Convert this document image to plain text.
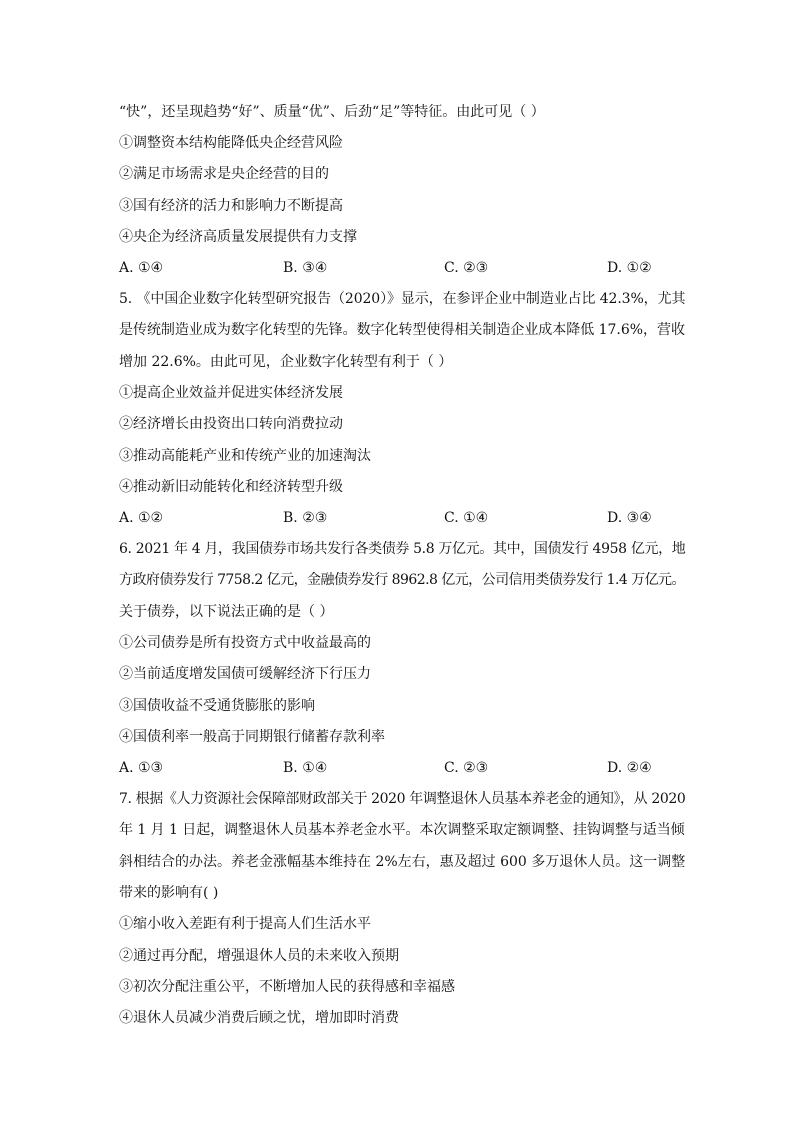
“快”，还呈现趋势“好”、质量“优”、后劲“足”等特征。由此可见（ ）
①调整资本结构能降低央企经营风险
②满足市场需求是央企经营的目的
③国有经济的活力和影响力不断提高
④央企为经济高质量发展提供有力支撑
A. ①④	B. ③④	C. ②③	D. ①②
5. 《中国企业数字化转型研究报告（2020）》显示，在参评企业中制造业占比 42.3%，尤其
是传统制造业成为数字化转型的先锋。数字化转型使得相关制造企业成本降低 17.6%，营收
增加 22.6%。由此可见，企业数字化转型有利于（ ）
①提高企业效益并促进实体经济发展
②经济增长由投资出口转向消费拉动
③推动高能耗产业和传统产业的加速淘汰
④推动新旧动能转化和经济转型升级
A. ①②	B. ②③	C. ①④	D. ③④
6. 2021 年 4 月，我国债券市场共发行各类债券 5.8 万亿元。其中，国债发行 4958 亿元，地
方政府债券发行 7758.2 亿元，金融债券发行 8962.8 亿元，公司信用类债券发行 1.4 万亿元。
关于债券，以下说法正确的是（ ）
①公司债券是所有投资方式中收益最高的
②当前适度增发国债可缓解经济下行压力
③国债收益不受通货膨胀的影响
④国债利率一般高于同期银行储蓄存款利率
A. ①③	B. ①④	C. ②③	D. ②④
7. 根据《人力资源社会保障部财政部关于 2020 年调整退休人员基本养老金的通知》，从 2020
年 1 月 1 日起，调整退休人员基本养老金水平。本次调整采取定额调整、挂钩调整与适当倾
斜相结合的办法。养老金涨幅基本维持在 2%左右，惠及超过 600 多万退休人员。这一调整
带来的影响有( )
①缩小收入差距有利于提高人们生活水平
②通过再分配，增强退休人员的未来收入预期
③初次分配注重公平，不断增加人民的获得感和幸福感
④退休人员减少消费后顾之忧，增加即时消费
